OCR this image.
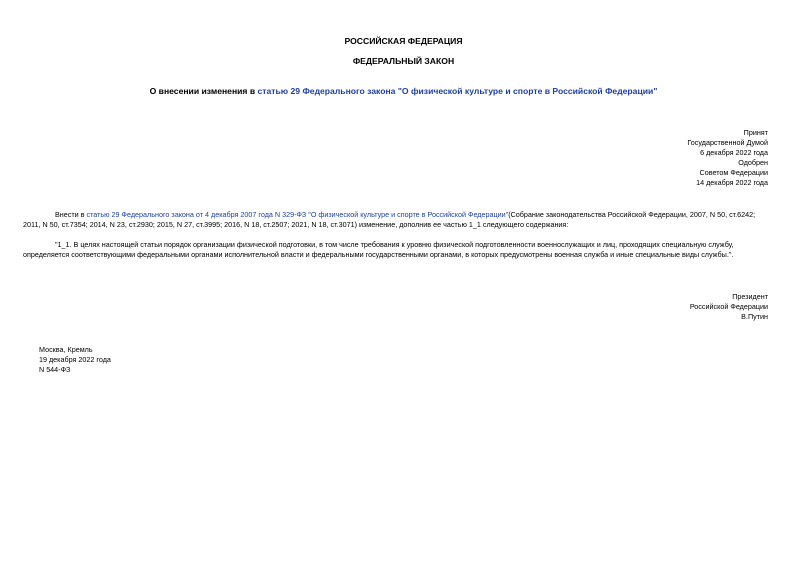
РОССИЙСКАЯ ФЕДЕРАЦИЯ
ФЕДЕРАЛЬНЫЙ ЗАКОН
О внесении изменения в статью 29 Федерального закона "О физической культуре и спорте в Российской Федерации"
Принят
Государственной Думой
6 декабря 2022 года
Одобрен
Советом Федерации
14 декабря 2022 года
Внести в статью 29 Федерального закона от 4 декабря 2007 года N 329-ФЗ "О физической культуре и спорте в Российской Федерации"(Собрание законодательства Российской Федерации, 2007, N 50, ст.6242;
2011, N 50, ст.7354; 2014, N 23, ст.2930; 2015, N 27, ст.3995; 2016, N 18, ст.2507; 2021, N 18, ст.3071) изменение, дополнив ее частью 1_1 следующего содержания:
"1_1. В целях настоящей статьи порядок организации физической подготовки, в том числе требования к уровню физической подготовленности военнослужащих и лиц, проходящих специальную службу,
определяется соответствующими федеральными органами исполнительной власти и федеральными государственными органами, в которых предусмотрены военная служба и иные специальные виды службы.".
Президент
Российской Федерации
В.Путин
Москва, Кремль
19 декабря 2022 года
N 544-ФЗ
